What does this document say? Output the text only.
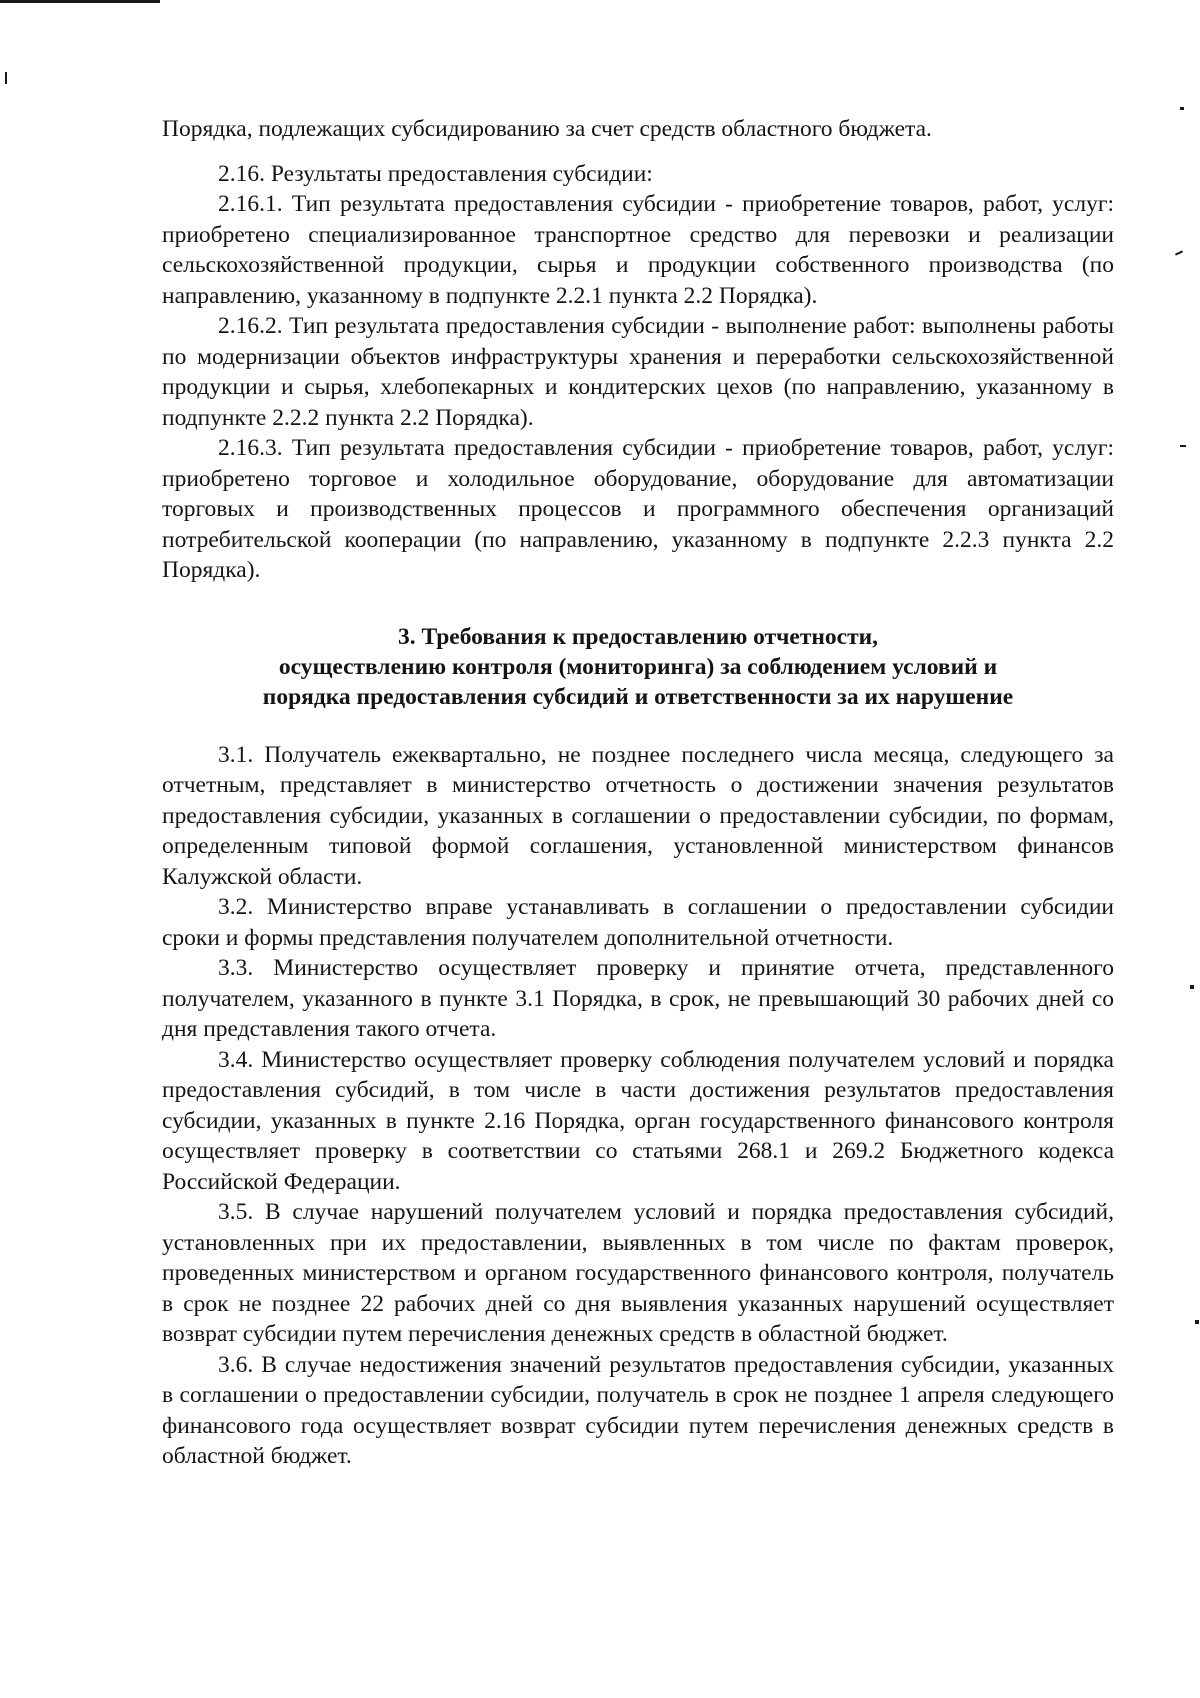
Порядка, подлежащих субсидированию за счет средств областного бюджета.

2.16. Результаты предоставления субсидии:

2.16.1. Тип результата предоставления субсидии - приобретение товаров, работ, услуг: приобретено специализированное транспортное средство для перевозки и реализации сельскохозяйственной продукции, сырья и продукции собственного производства (по направлению, указанному в подпункте 2.2.1 пункта 2.2 Порядка).

2.16.2. Тип результата предоставления субсидии - выполнение работ: выполнены работы по модернизации объектов инфраструктуры хранения и переработки сельскохозяйственной продукции и сырья, хлебопекарных и кондитерских цехов (по направлению, указанному в подпункте 2.2.2 пункта 2.2 Порядка).

2.16.3. Тип результата предоставления субсидии - приобретение товаров, работ, услуг: приобретено торговое и холодильное оборудование, оборудование для автоматизации торговых и производственных процессов и программного обеспечения организаций потребительской кооперации (по направлению, указанному в подпункте 2.2.3 пункта 2.2 Порядка).

3. Требования к предоставлению отчетности,
осуществлению контроля (мониторинга) за соблюдением условий и
порядка предоставления субсидий и ответственности за их нарушение

3.1. Получатель ежеквартально, не позднее последнего числа месяца, следующего за отчетным, представляет в министерство отчетность о достижении значения результатов предоставления субсидии, указанных в соглашении о предоставлении субсидии, по формам, определенным типовой формой соглашения, установленной министерством финансов Калужской области.

3.2. Министерство вправе устанавливать в соглашении о предоставлении субсидии сроки и формы представления получателем дополнительной отчетности.

3.3. Министерство осуществляет проверку и принятие отчета, представленного получателем, указанного в пункте 3.1 Порядка, в срок, не превышающий 30 рабочих дней со дня представления такого отчета.

3.4. Министерство осуществляет проверку соблюдения получателем условий и порядка предоставления субсидий, в том числе в части достижения результатов предоставления субсидии, указанных в пункте 2.16 Порядка, орган государственного финансового контроля осуществляет проверку в соответствии со статьями 268.1 и 269.2 Бюджетного кодекса Российской Федерации.

3.5. В случае нарушений получателем условий и порядка предоставления субсидий, установленных при их предоставлении, выявленных в том числе по фактам проверок, проведенных министерством и органом государственного финансового контроля, получатель в срок не позднее 22 рабочих дней со дня выявления указанных нарушений осуществляет возврат субсидии путем перечисления денежных средств в областной бюджет.

3.6. В случае недостижения значений результатов предоставления субсидии, указанных в соглашении о предоставлении субсидии, получатель в срок не позднее 1 апреля следующего финансового года осуществляет возврат субсидии путем перечисления денежных средств в областной бюджет.
